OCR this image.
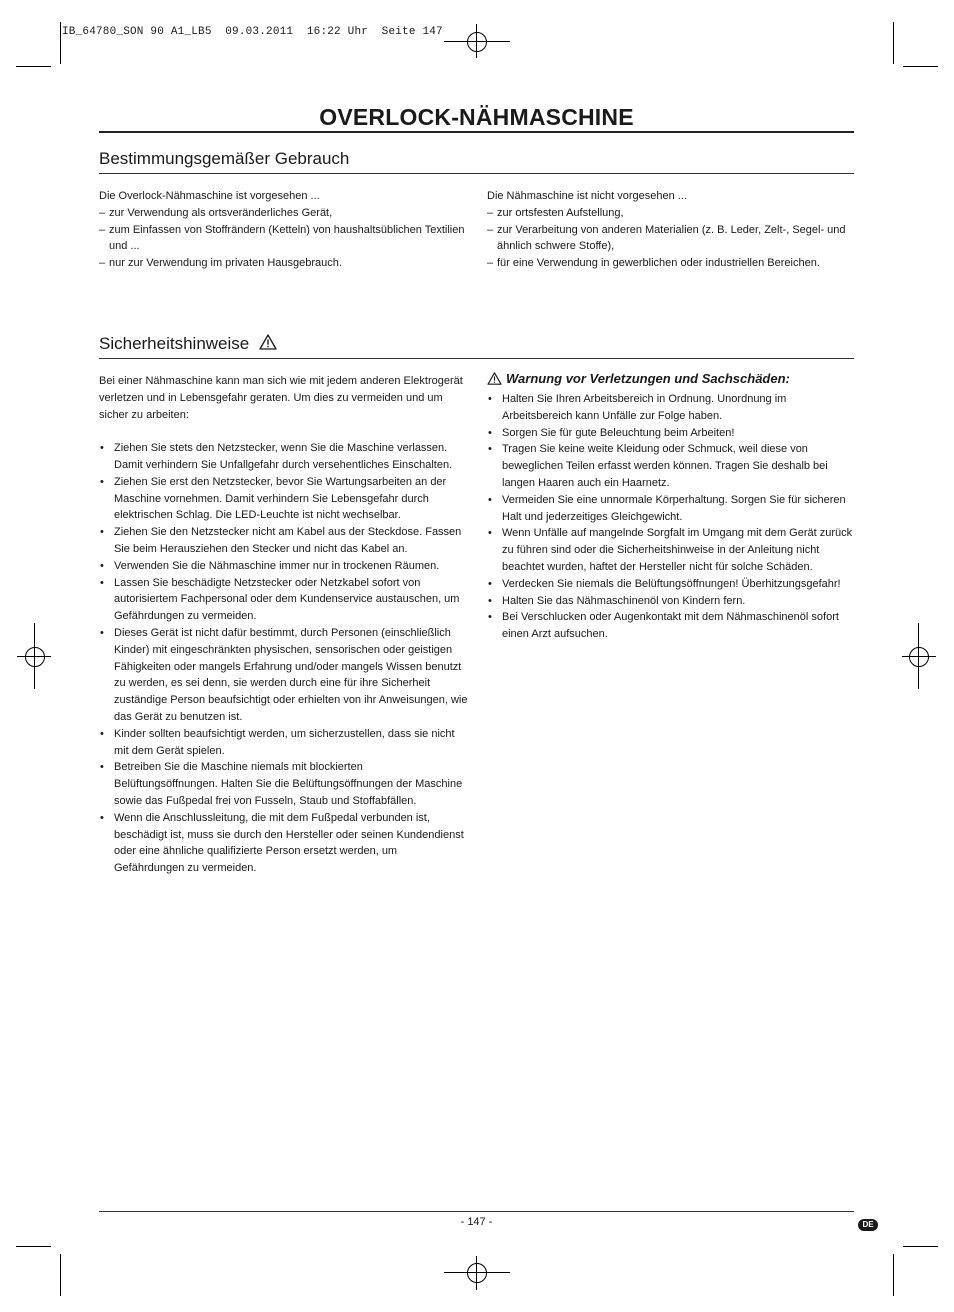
IB_64780_SON 90 A1_LB5  09.03.2011  16:22 Uhr  Seite 147
OVERLOCK-NÄHMASCHINE
Bestimmungsgemäßer Gebrauch

Die Overlock-Nähmaschine ist vorgesehen ...

– zur Verwendung als ortsveränderliches Gerät,
– zum Einfassen von Stoffrändern (Ketteln) von haushaltsüblichen Textilien und ...
– nur zur Verwendung im privaten Hausgebrauch.

Die Nähmaschine ist nicht vorgesehen ...

– zur ortsfesten Aufstellung,
– zur Verarbeitung von anderen Materialien (z. B. Leder, Zelt-, Segel- und ähnlich schwere Stoffe),
– für eine Verwendung in gewerblichen oder industriellen Bereichen.
Sicherheitshinweise

Bei einer Nähmaschine kann man sich wie mit jedem anderen Elektrogerät verletzen und in Lebensgefahr geraten. Um dies zu vermeiden und um sicher zu arbeiten:

• Ziehen Sie stets den Netzstecker, wenn Sie die Maschine verlassen. Damit verhindern Sie Unfallgefahr durch versehentliches Einschalten.
• Ziehen Sie erst den Netzstecker, bevor Sie Wartungsarbeiten an der Maschine vornehmen. Damit verhindern Sie Lebensgefahr durch elektrischen Schlag. Die LED-Leuchte ist nicht wechselbar.
• Ziehen Sie den Netzstecker nicht am Kabel aus der Steckdose. Fassen Sie beim Herausziehen den Stecker und nicht das Kabel an.
• Verwenden Sie die Nähmaschine immer nur in trockenen Räumen.
• Lassen Sie beschädigte Netzstecker oder Netzkabel sofort von autorisiertem Fachpersonal oder dem Kundenservice austauschen, um Gefährdungen zu vermeiden.
• Dieses Gerät ist nicht dafür bestimmt, durch Personen (einschließlich Kinder) mit eingeschränkten physischen, sensorischen oder geistigen Fähigkeiten oder mangels Erfahrung und/oder mangels Wissen benutzt zu werden, es sei denn, sie werden durch eine für ihre Sicherheit zuständige Person beaufsichtigt oder erhielten von ihr Anweisungen, wie das Gerät zu benutzen ist.
• Kinder sollten beaufsichtigt werden, um sicherzustellen, dass sie nicht mit dem Gerät spielen.
• Betreiben Sie die Maschine niemals mit blockierten Belüftungsöffnungen. Halten Sie die Belüftungsöffnungen der Maschine sowie das Fußpedal frei von Fusseln, Staub und Stoffabfällen.
• Wenn die Anschlussleitung, die mit dem Fußpedal verbunden ist, beschädigt ist, muss sie durch den Hersteller oder seinen Kundendienst oder eine ähnliche qualifizierte Person ersetzt werden, um Gefährdungen zu vermeiden.
Warnung vor Verletzungen und Sachschäden:
• Halten Sie Ihren Arbeitsbereich in Ordnung. Unordnung im Arbeitsbereich kann Unfälle zur Folge haben.
• Sorgen Sie für gute Beleuchtung beim Arbeiten!
• Tragen Sie keine weite Kleidung oder Schmuck, weil diese von beweglichen Teilen erfasst werden können. Tragen Sie deshalb bei langen Haaren auch ein Haarnetz.
• Vermeiden Sie eine unnormale Körperhaltung. Sorgen Sie für sicheren Halt und jederzeitiges Gleichgewicht.
• Wenn Unfälle auf mangelnde Sorgfalt im Umgang mit dem Gerät zurück zu führen sind oder die Sicherheitshinweise in der Anleitung nicht beachtet wurden, haftet der Hersteller nicht für solche Schäden.
• Verdecken Sie niemals die Belüftungsöffnungen! Überhitzungsgefahr!
• Halten Sie das Nähmaschinenöl von Kindern fern.
• Bei Verschlucken oder Augenkontakt mit dem Nähmaschinenöl sofort einen Arzt aufsuchen.
- 147 -	DE
